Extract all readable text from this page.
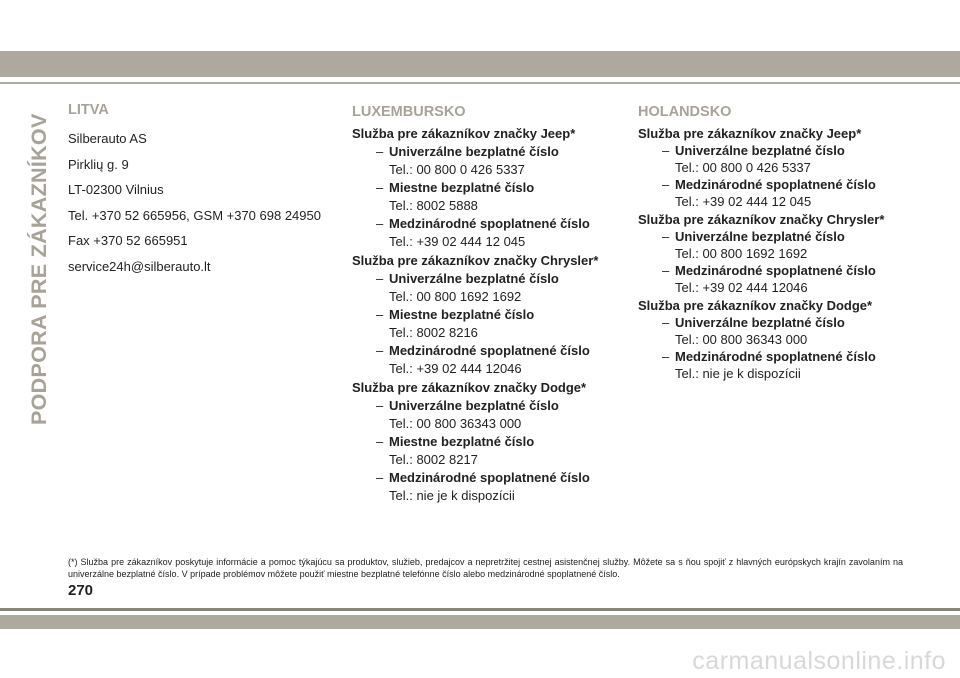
PODPORA PRE ZÁKAZNÍKOV
LITVA
Silberauto AS
Pirklių g. 9
LT-02300 Vilnius
Tel. +370 52 665956, GSM +370 698 24950
Fax +370 52 665951
service24h@silberauto.lt
LUXEMBURSKO
Služba pre zákazníkov značky Jeep*
– Univerzálne bezplatné číslo
Tel.: 00 800 0 426 5337
– Miestne bezplatné číslo
Tel.: 8002 5888
– Medzinárodné spoplatnené číslo
Tel.: +39 02 444 12 045
Služba pre zákazníkov značky Chrysler*
– Univerzálne bezplatné číslo
Tel.: 00 800 1692 1692
– Miestne bezplatné číslo
Tel.: 8002 8216
– Medzinárodné spoplatnené číslo
Tel.: +39 02 444 12046
Služba pre zákazníkov značky Dodge*
– Univerzálne bezplatné číslo
Tel.: 00 800 36343 000
– Miestne bezplatné číslo
Tel.: 8002 8217
– Medzinárodné spoplatnené číslo
Tel.: nie je k dispozícii
HOLANDSKO
Služba pre zákazníkov značky Jeep*
– Univerzálne bezplatné číslo
Tel.: 00 800 0 426 5337
– Medzinárodné spoplatnené číslo
Tel.: +39 02 444 12 045
Služba pre zákazníkov značky Chrysler*
– Univerzálne bezplatné číslo
Tel.: 00 800 1692 1692
– Medzinárodné spoplatnené číslo
Tel.: +39 02 444 12046
Služba pre zákazníkov značky Dodge*
– Univerzálne bezplatné číslo
Tel.: 00 800 36343 000
– Medzinárodné spoplatnené číslo
Tel.: nie je k dispozícii
(*) Služba pre zákazníkov poskytuje informácie a pomoc týkajúcu sa produktov, služieb, predajcov a nepretržitej cestnej asistenčnej služby. Môžete sa s ňou spojiť z hlavných európskych krajín zavolaním na univerzálne bezplatné číslo. V prípade problémov môžete použiť miestne bezplatné telefónne číslo alebo medzinárodné spoplatnené číslo.
270
carmanualsonline.info
